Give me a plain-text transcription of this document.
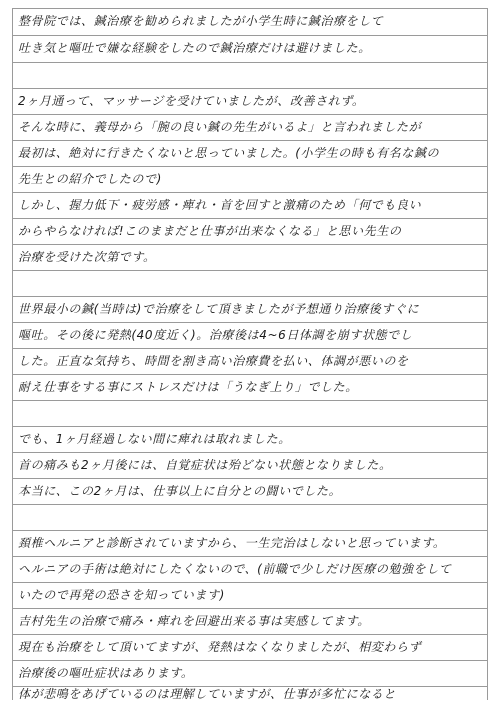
整骨院では、鍼治療を勧められましたが小学生時に鍼治療をして
吐き気と嘔吐で嫌な経験をしたので鍼治療だけは避けました。
2ヶ月通って、マッサージを受けていましたが、改善されず。
そんな時に、義母から「腕の良い鍼の先生がいるよ」と言われましたが
最初は、絶対に行きたくないと思っていました。(小学生の時も有名な鍼の
先生との紹介でしたので)
しかし、握力低下・疲労感・痺れ・首を回すと激痛のため「何でも良い
からやらなければ!このままだと仕事が出来なくなる」と思い先生の
治療を受けた次第です。
世界最小の鍼(当時は)で治療をして頂きましたが予想通り治療後すぐに
嘔吐。その後に発熱(40度近く)。治療後は4~6日体調を崩す状態でし
した。正直な気持ち、時間を割き高い治療費を払い、体調が悪いのを
耐え仕事をする事にストレスだけは「うなぎ上り」でした。
でも、1ヶ月経過しない間に痺れは取れました。
首の痛みも2ヶ月後には、自覚症状は殆どない状態となりました。
本当に、この2ヶ月は、仕事以上に自分との闘いでした。
頚椎ヘルニアと診断されていますから、一生完治はしないと思っています。
ヘルニアの手術は絶対にしたくないので、(前職で少しだけ医療の勉強をして
いたので再発の恐さを知っています)
吉村先生の治療で痛み・痺れを回避出来る事は実感してます。
現在も治療をして頂いてますが、発熱はなくなりましたが、相変わらず
治療後の嘔吐症状はあります。
体が悲鳴をあげているのは理解していますが、仕事が多忙になると
